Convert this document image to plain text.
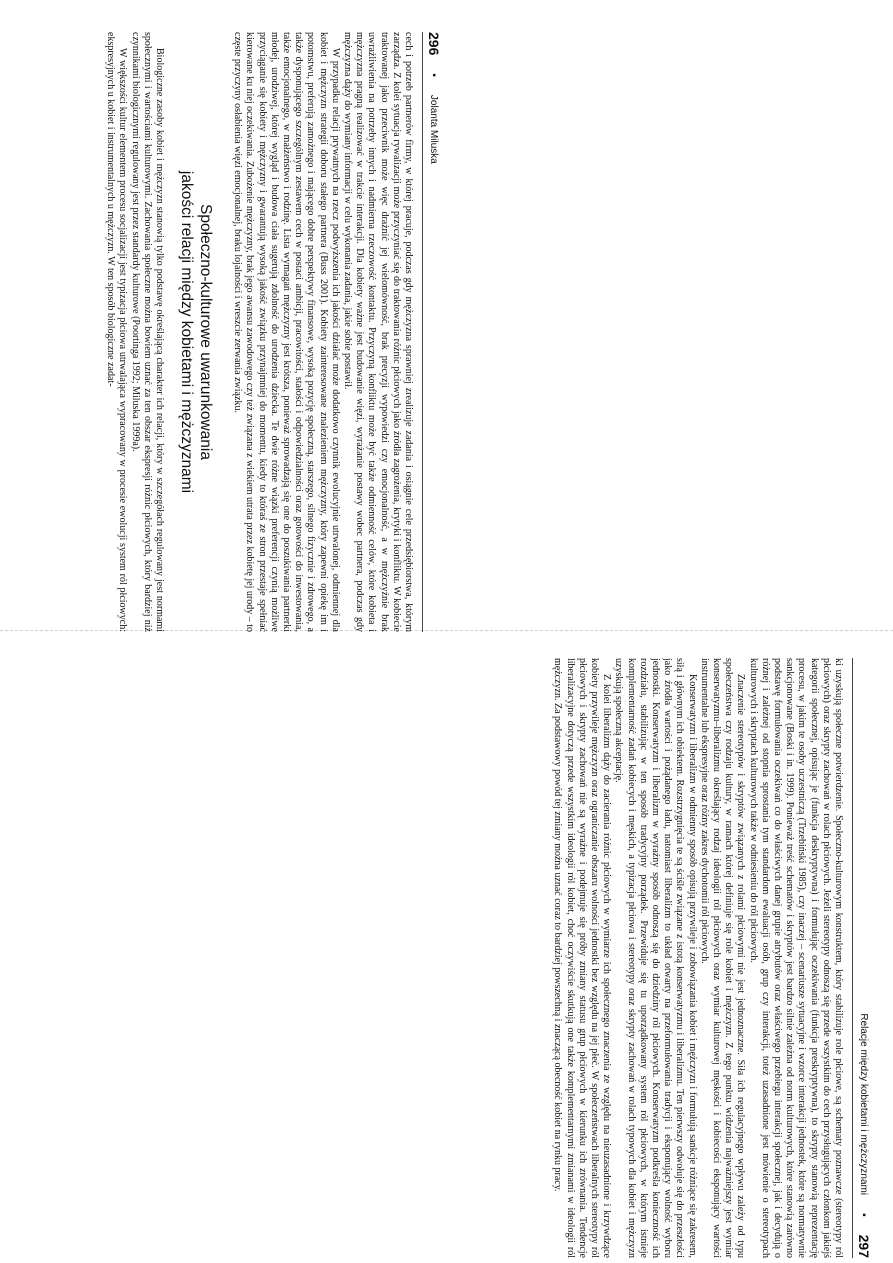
296
▪
Jolanta Miluska

cech i potrzeb partnerów firmy, w której pracuje, podczas gdy mężczyzna sprawniej zrealizuje zadania i osiągnie cele przedsiębiorstwa, którym zarządza. Z kolei sytuacja rywalizacji może przyczyniać się do traktowania różnic płciowych jako źródła zagrożenia, krytyki i konfliktu. W kobiecie traktowanej jako przeciwnik może więc drażnić jej wielomówność, brak precyzji wypowiedzi czy emocjonalność, a w mężczyźnie brak uwrażliwienia na potrzeby innych i nadmierna rzeczowość kontaktu. Przyczyną konfliktu może być także odmienność celów, które kobieta i mężczyzna pragną realizować w trakcie interakcji. Dla kobiety ważne jest budowanie więzi, wyrażanie postawy wobec partnera, podczas gdy mężczyzna dąży do wymiany informacji w celu wykonania zadania, jakie sobie postawił.

W przypadku relacji prywatnych na rzecz podwyższenia ich jakości działać może dodatkowo czynnik ewolucyjnie utrwalonej, odmiennej dla kobiet i mężczyzn strategii doboru stałego partnera (Buss 2001). Kobiety zainteresowane znalezieniem mężczyzny, który zapewni opiekę im i potomstwu, preferują zamożnego i mającego dobre perspektywy finansowe, wysoką pozycję społeczną, starszego, silnego fizycznie i zdrowego, a także dysponującego szczególnym zestawem cech w postaci ambicji, pracowitości, stałości i odpowiedzialności oraz gotowości do inwestowania, także emocjonalnego, w małżeństwo i rodzinę. Lista wymagań mężczyzny jest krótsza, ponieważ sprowadzają się one do poszukiwania partnerki młodej, urodziwej, której wygląd i budowa ciała sugerują zdolność do urodzenia dziecka. Te dwie różne wiązki preferencji czynią możliwe przyciąganie się kobiety i mężczyzny i gwarantują wysoką jakość związku przynajmniej do momentu, kiedy to któraś ze stron przestaje spełniać kierowane ku niej oczekiwania. Zubożenie mężczyzny, brak jego awansu zawodowego czy też związana z wiekiem utrata przez kobietę jej urody – to częste przyczyny osłabienia więzi emocjonalnej, braku lojalności i wreszcie zerwania związku.

Społeczno-kulturowe uwarunkowania
jakości relacji między kobietami i mężczyznami

Biologiczne zasoby kobiet i mężczyzn stanowią tylko podstawę określającą charakter ich relacji, który w szczegółach regulowany jest normami społecznymi i wartościami kulturowymi. Zachowania społeczne można bowiem uznać za ten obszar ekspresji różnic płciowych, który bardziej niż czynnikami biologicznymi regulowany jest przez standardy kulturowe (Poortinga 1992; Miluska 1999a).

W większości kultur elementem procesu socjalizacji jest typizacja płciowa utrwalająca wypracowany w procesie ewolucji system ról płciowych: ekspresyjnych u kobiet i instrumentalnych u mężczyzn. W ten sposób biologiczne zadat-

Relacje między kobietami i mężczyznami
▪
297

ki uzyskują społeczne potwierdzenie. Społeczno-kulturowym konstruktem, który stabilizuje role płciowe, są schematy poznawcze (stereotypy ról płciowych) oraz skrypty zachowań w rolach płciowych. Jeżeli stereotypy odnoszą się przede wszystkim do cech przysługujących członkom jakiejś kategorii społecznej, opisując je (funkcja deskryptywna) i formułując oczekiwania (funkcja preskryptywna), to skrypty stanowią reprezentację procesu, w jakim te osoby uczestniczą (Trzebiński 1985), czy inaczej – scenariusze sytuacyjne i wzorce interakcji jednostek, które są normatywnie sankcjonowane (Boski i in. 1999). Ponieważ treść schematów i skryptów jest bardzo silnie zależna od norm kulturowych, które stanowią zarówno podstawę formułowania oczekiwań co do właściwych danej grupie atrybutów oraz właściwego przebiegu interakcji społecznej, jak i decydują o różnej i zależnej od stopnia sprostania tym standardom ewaluacji osób, grup czy interakcji, toteż uzasadnione jest mówienie o stereotypach kulturowych i skryptach kulturowych także w odniesieniu do ról płciowych.

Znaczenie stereotypów i skryptów związanych z rolami płciowymi nie jest jednoznaczne. Siła ich regulacyjnego wpływu zależy od typu społeczeństwa czy rodzaju kultury, w ramach której definiuje się role kobiet i mężczyzn. Z tego punktu widzenia najważniejszy jest wymiar konserwatyzmu–liberalizmu określający rodzaj ideologii ról płciowych oraz wymiar kulturowej męskości i kobiecości eksponujący wartości instrumentalne lub ekspresyjne oraz różny zakres dychotomii ról płciowych.

Konserwatyzm i liberalizm w odmienny sposób opisują przywileje i zobowiązania kobiet i mężczyzn i formułują sankcje różniące się zakresem, siłą i głównym ich obiektem. Rozstrzygnięcia te są ściśle związane z istotą konserwatyzmu i liberalizmu. Ten pierwszy odwołuje się do przeszłości jako źródła wartości i pożądanego ładu, natomiast liberalizm to układ otwarty na przeformułowania tradycji i eksponujący wolność wyboru jednostki. Konserwatyzm i liberalizm w wyraźny sposób odnoszą się do dziedziny ról płciowych. Konserwatyzm podkreśla konieczność ich rozdziału, stabilizując w ten sposób tradycyjny porządek. Przewiduje się tu uporządkowany system ról płciowych, w którym istnieje komplementarność zadań kobiecych i męskich, a typizacja płciowa i stereotypy oraz skrypty zachowań w rolach typowych dla kobiet i mężczyzn uzyskują społeczną akceptację.

Z kolei liberalizm dąży do zacierania różnic płciowych w wymiarze ich społecznego znaczenia ze względu na nieuzasadnione i krzywdzące kobiety przywileje mężczyzn oraz ograniczanie obszaru wolności jednostki bez względu na jej płeć. W społeczeństwach liberalnych stereotypy ról płciowych i skrypty zachowań nie są wyraźne i podejmuje się próby zmiany statusu grup płciowych w kierunku ich zrównania. Tendencje liberalizacyjne dotyczą przede wszystkim ideologii ról kobiet, choć oczywiście skutkują one także komplementarnymi zmianami w ideologii ról mężczyzn. Za podstawowy powód tej zmiany można uznać coraz to bardziej powszechną i znaczącą obecność kobiet na rynku pracy.
